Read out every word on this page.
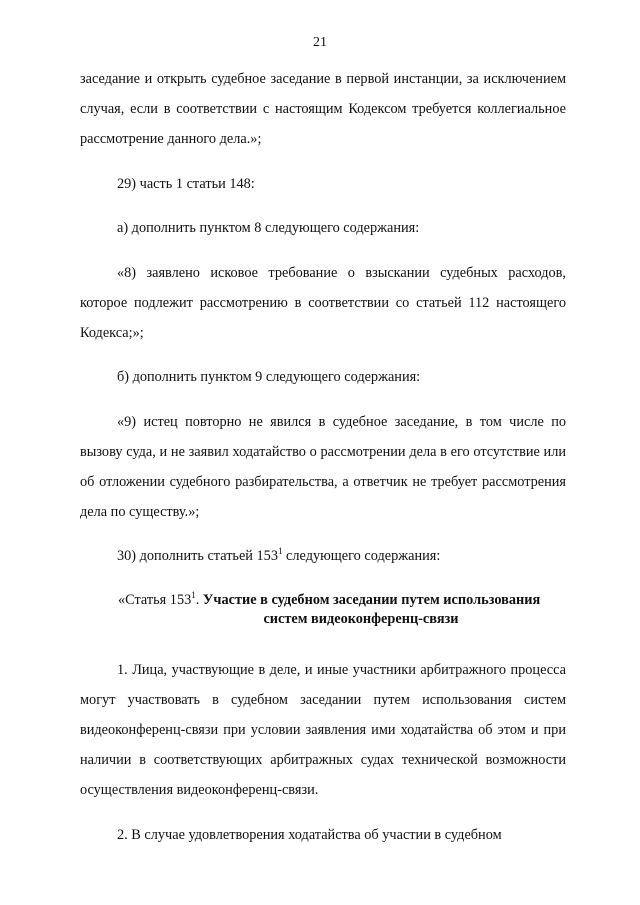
21

заседание и открыть судебное заседание в первой инстанции, за исключением случая, если в соответствии с настоящим Кодексом требуется коллегиальное рассмотрение данного дела.»;

29) часть 1 статьи 148:

а) дополнить пунктом 8 следующего содержания:

«8) заявлено исковое требование о взыскании судебных расходов, которое подлежит рассмотрению в соответствии со статьей 112 настоящего Кодекса;»;

б) дополнить пунктом 9 следующего содержания:

«9) истец повторно не явился в судебное заседание, в том числе по вызову суда, и не заявил ходатайство о рассмотрении дела в его отсутствие или об отложении судебного разбирательства, а ответчик не требует рассмотрения дела по существу.»;

30) дополнить статьей $153^1$ следующего содержания:

«Статья $153^1$. Участие в судебном заседании путем использования
систем видеоконференц-связи

1. Лица, участвующие в деле, и иные участники арбитражного процесса могут участвовать в судебном заседании путем использования систем видеоконференц-связи при условии заявления ими ходатайства об этом и при наличии в соответствующих арбитражных судах технической возможности осуществления видеоконференц-связи.

2. В случае удовлетворения ходатайства об участии в судебном
